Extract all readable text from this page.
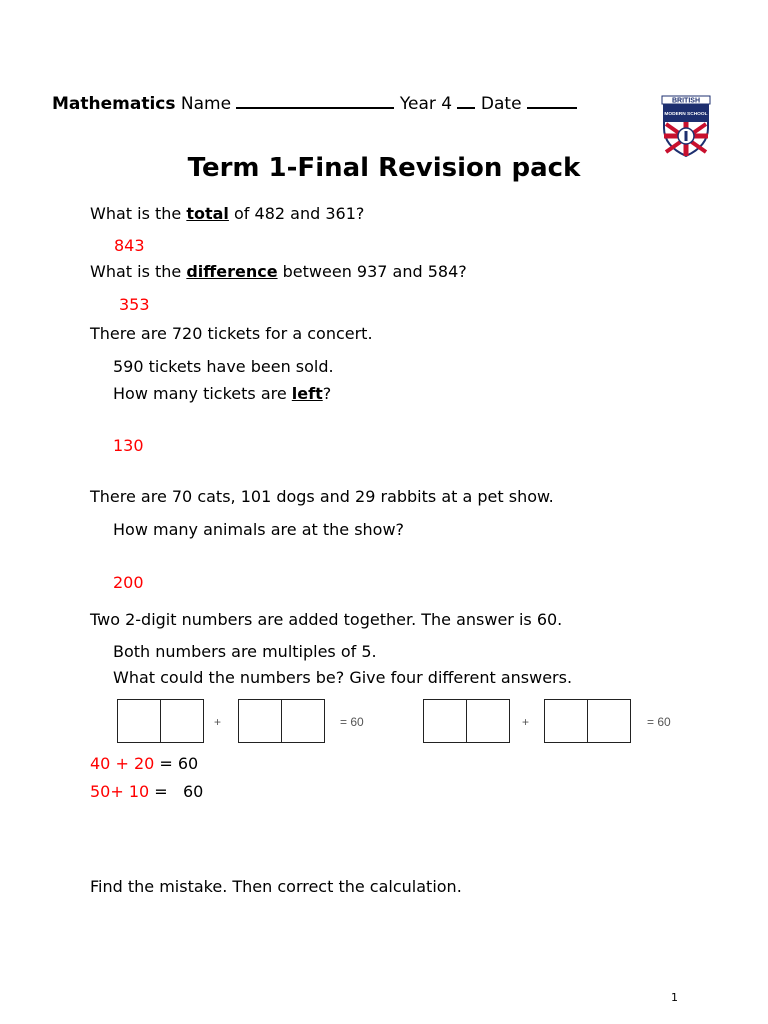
Mathematics Name	Year 4 Date	BRITISH
MODERN SCHOOL
Term 1-Final Revision pack
What is the total of 482 and 361?
843
What is the difference between 937 and 584?
353
There are 720 tickets for a concert.
590 tickets have been sold.
How many tickets are left?
130
There are 70 cats, 101 dogs and 29 rabbits at a pet show.
How many animals are at the show?
200
Two 2-digit numbers are added together. The answer is 60.
Both numbers are multiples of 5.
What could the numbers be? Give four different answers.
+	= 60	+	= 60
40 + 20 = 60
50+ 10 =   60
Find the mistake. Then correct the calculation.
1
